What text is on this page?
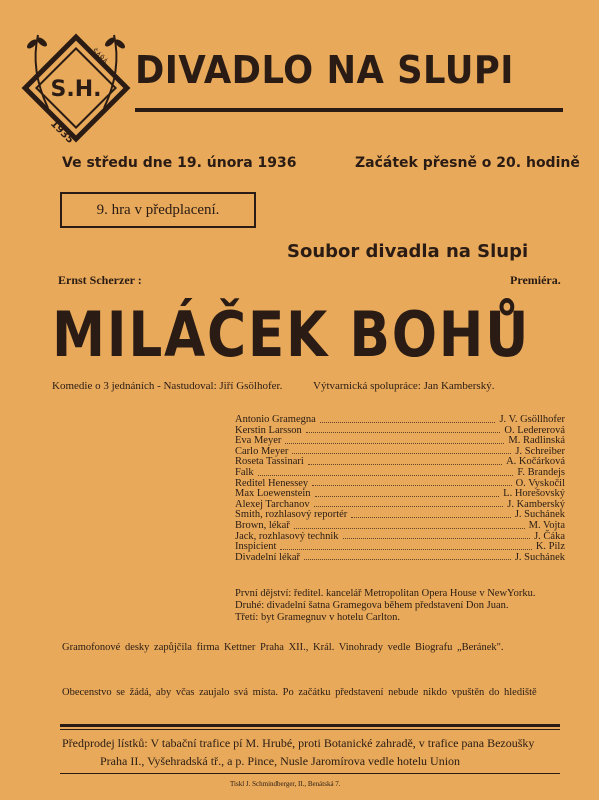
S.H.
ŠÁŘÁ
1935
DIVADLO NA SLUPI
Ve středu dne 19. února 1936	Začátek přesně o 20. hodině
9. hra v předplacení.
Soubor divadla na Slupi
Ernst Scherzer :	Premiéra.
MILÁČEK BOHŮ
Komedie o 3 jednáních - Nastudoval: Jiří Gsölhofer.	Výtvarnická spolupráce: Jan Kamberský.
Antonio Gramegna	J. V. Gsöllhofer
Kerstin Larsson	O. Ledererová
Eva Meyer	M. Radlinská
Carlo Meyer	J. Schreiber
Roseta Tassinari	A. Kočárková
Falk	F. Brandejs
Reditel Henessey	O. Vyskočil
Max Loewenstein	L. Horešovský
Alexej Tarchanov	J. Kamberský
Smith, rozhlasový reportér	J. Suchánek
Brown, lékař	M. Vojta
Jack, rozhlasový technik	J. Čáka
Inspicient	K. Pilz
Divadelní lékař	J. Suchánek
První dějství: ředitel. kancelář Metropolitan Opera House v NewYorku.
Druhé: divadelní šatna Gramegova během představení Don Juan.
Třetí: byt Gramegnuv v hotelu Carlton.
Gramofonové desky zapůjčila firma Kettner Praha XII., Král. Vinohrady vedle Biografu „Beránek".
Obecenstvo se žádá, aby včas zaujalo svá místa. Po začátku představení nebude nikdo vpuštěn do hlediště
Předprodej lístků: V tabační trafice pí M. Hrubé, proti Botanické zahradě, v trafice pana Bezoušky
Praha II., Vyšehradská tř., a p. Pince, Nusle Jaromírova vedle hotelu Union
Tiskl J. Schmindberger, II., Benátská 7.
